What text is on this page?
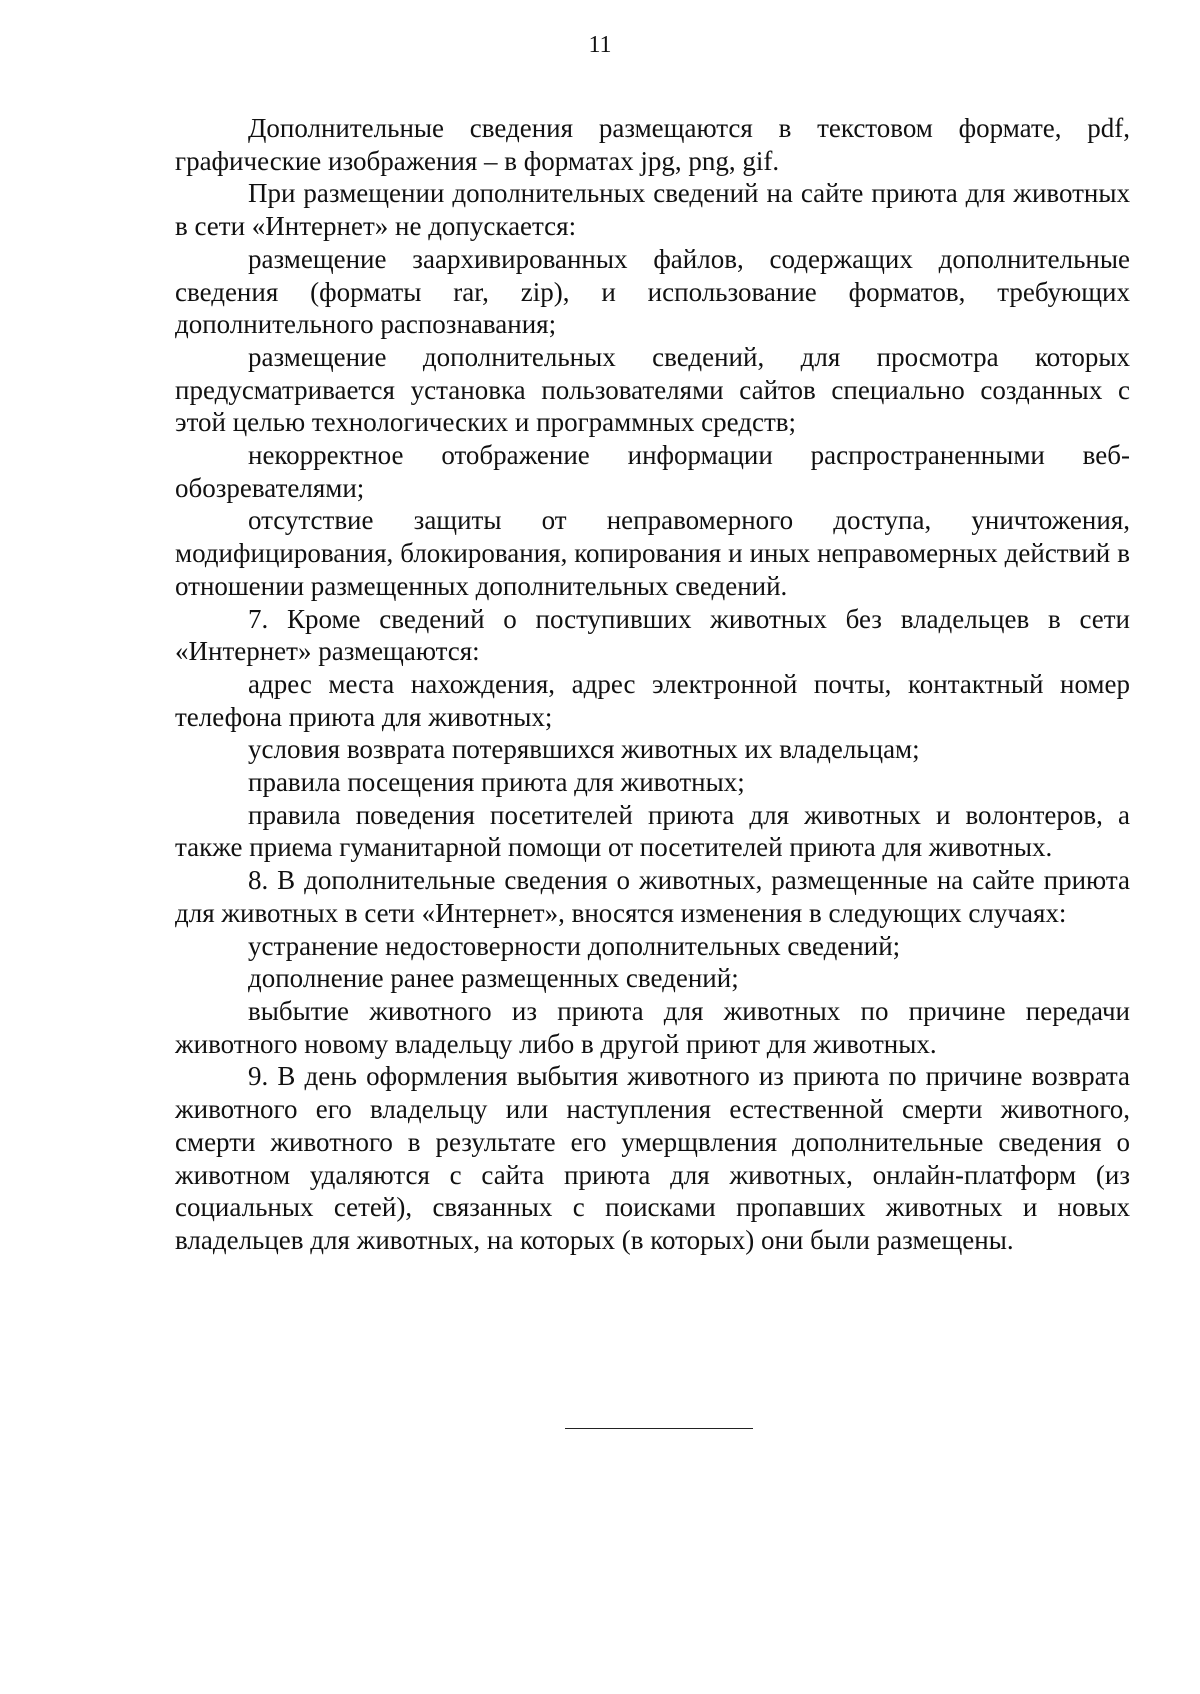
11

Дополнительные сведения размещаются в текстовом формате, pdf, графические изображения – в форматах jpg, png, gif.

При размещении дополнительных сведений на сайте приюта для животных в сети «Интернет» не допускается:

размещение заархивированных файлов, содержащих дополнительные сведения (форматы rar, zip), и использование форматов, требующих дополнительного распознавания;

размещение дополнительных сведений, для просмотра которых предусматривается установка пользователями сайтов специально созданных с этой целью технологических и программных средств;

некорректное отображение информации распространенными веб-обозревателями;

отсутствие защиты от неправомерного доступа, уничтожения, модифицирования, блокирования, копирования и иных неправомерных действий в отношении размещенных дополнительных сведений.

7. Кроме сведений о поступивших животных без владельцев в сети «Интернет» размещаются:

адрес места нахождения, адрес электронной почты, контактный номер телефона приюта для животных;

условия возврата потерявшихся животных их владельцам;

правила посещения приюта для животных;

правила поведения посетителей приюта для животных и волонтеров, а также приема гуманитарной помощи от посетителей приюта для животных.

8. В дополнительные сведения о животных, размещенные на сайте приюта для животных в сети «Интернет», вносятся изменения в следующих случаях:

устранение недостоверности дополнительных сведений;

дополнение ранее размещенных сведений;

выбытие животного из приюта для животных по причине передачи животного новому владельцу либо в другой приют для животных.

9. В день оформления выбытия животного из приюта по причине возврата животного его владельцу или наступления естественной смерти животного, смерти животного в результате его умерщвления дополнительные сведения о животном удаляются с сайта приюта для животных, онлайн-платформ (из социальных сетей), связанных с поисками пропавших животных и новых владельцев для животных, на которых (в которых) они были размещены.
